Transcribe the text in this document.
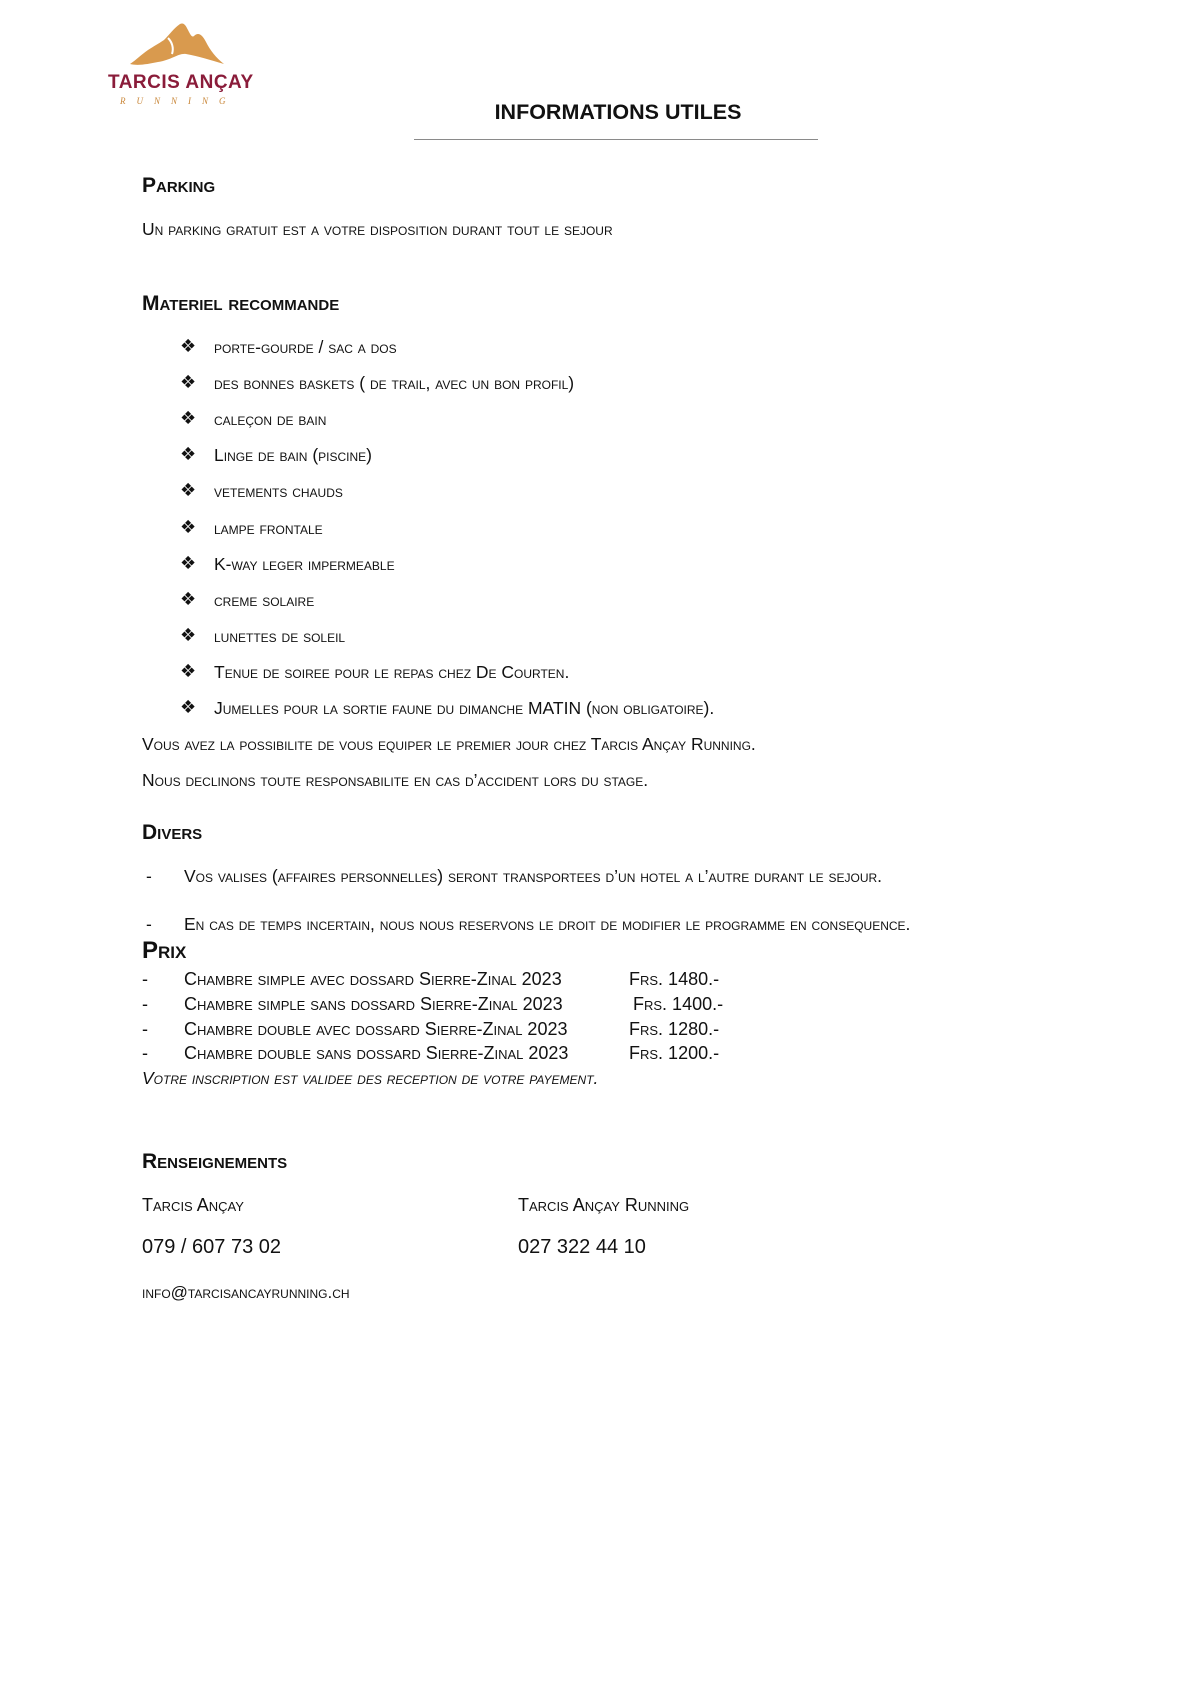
TARCIS ANÇAY
RUNNING	INFORMATIONS UTILES
Parking
Un parking gratuit est a votre disposition durant tout le sejour
Materiel recommande
❖ porte-gourde / sac a dos
❖ des bonnes baskets ( de trail, avec un bon profil)
❖ caleçon de bain
❖ Linge de bain (piscine)
❖ vetements chauds
❖ lampe frontale
❖ K-way leger impermeable
❖ creme solaire
❖ lunettes de soleil
❖ Tenue de soiree pour le repas chez De Courten.
❖ Jumelles pour la sortie faune du dimanche MATIN (non obligatoire).
Vous avez la possibilite de vous equiper le premier jour chez Tarcis Ançay Running.
Nous declinons toute responsabilite en cas d’accident lors du stage.
Divers
- Vos valises (affaires personnelles) seront transportees d’un hotel a l’autre durant le sejour.
- En cas de temps incertain, nous nous reservons le droit de modifier le programme en consequence.
Prix
- Chambre simple avec dossard Sierre-Zinal 2023	Frs. 1480.-
- Chambre simple sans dossard Sierre-Zinal 2023	Frs. 1400.-
- Chambre double avec dossard Sierre-Zinal 2023	Frs. 1280.-
- Chambre double sans dossard Sierre-Zinal 2023	Frs. 1200.-
Votre inscription est validee des reception de votre payement.
Renseignements
Tarcis Ançay	Tarcis Ançay Running
079 / 607 73 02	027 322 44 10
info@tarcisancayrunning.ch
